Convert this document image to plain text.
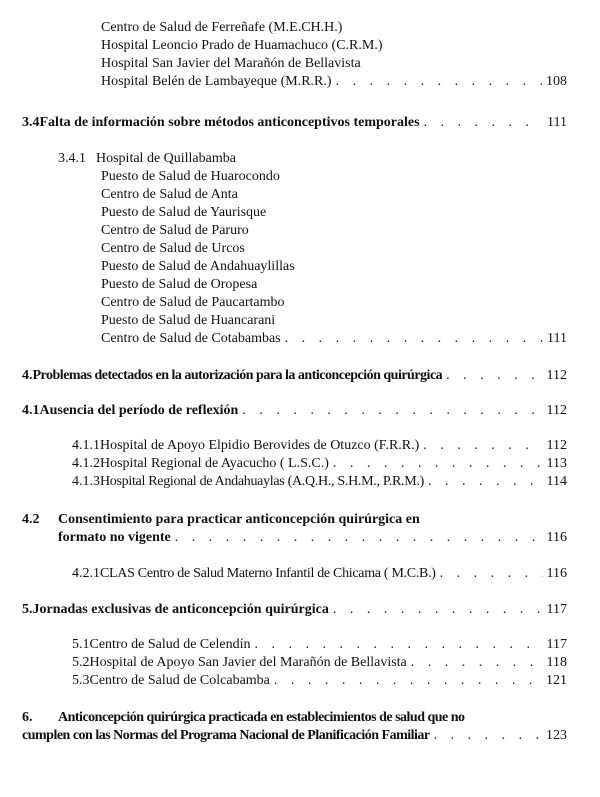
Centro de Salud de Ferreñafe (M.E.CH.H.)
Hospital Leoncio Prado de Huamachuco (C.R.M.)
Hospital San Javier del Marañón de Bellavista
Hospital Belén de Lambayeque (M.R.R.) . . .	108
3.4 Falta de información sobre métodos anticonceptivos temporales . . .	111
3.4.1 Hospital de Quillabamba
Puesto de Salud de Huarocondo
Centro de Salud de Anta
Puesto de Salud de Yaurisque
Centro de Salud de Paruro
Centro de Salud de Urcos
Puesto de Salud de Andahuaylillas
Puesto de Salud de Oropesa
Centro de Salud de Paucartambo
Puesto de Salud de Huancarani
Centro de Salud de Cotabambas . . .	111
4. Problemas detectados en la autorización para la anticoncepción quirúrgica . . .	112
4.1 Ausencia del período de reflexión . . .	112
4.1.1 Hospital de Apoyo Elpidio Berovides de Otuzco (F.R.R.) . . .	112
4.1.2 Hospital Regional de Ayacucho ( L.S.C.) . . .	113
4.1.3 Hospital Regional de Andahuaylas (A.Q.H., S.H.M., P.R.M.) . . .	114
4.2	Consentimiento para practicar anticoncepción quirúrgica en
formato no vigente . . .	116
4.2.1 CLAS Centro de Salud Materno Infantil de Chicama ( M.C.B.) . . .	116
5. Jornadas exclusivas de anticoncepción quirúrgica . . .	117
5.1 Centro de Salud de Celendín . . .	117
5.2 Hospital de Apoyo San Javier del Marañón de Bellavista . . .	118
5.3 Centro de Salud de Colcabamba . . .	121
6.	Anticoncepción quirúrgica practicada en establecimientos de salud que no
cumplen con las Normas del Programa Nacional de Planificación Familiar . . .	123
